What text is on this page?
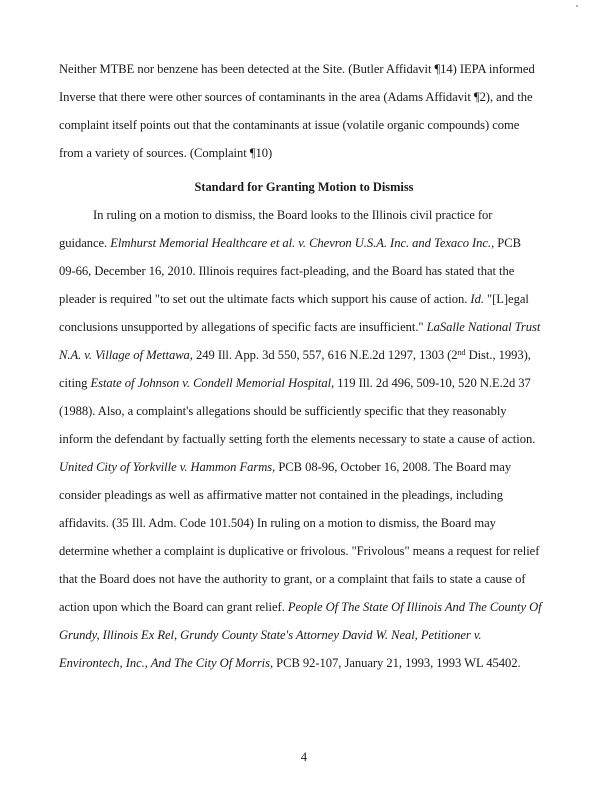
Neither MTBE nor benzene has been detected at the Site. (Butler Affidavit ¶14) IEPA informed
Inverse that there were other sources of contaminants in the area (Adams Affidavit ¶2), and the
complaint itself points out that the contaminants at issue (volatile organic compounds) come
from a variety of sources. (Complaint ¶10)
Standard for Granting Motion to Dismiss
In ruling on a motion to dismiss, the Board looks to the Illinois civil practice for
guidance. Elmhurst Memorial Healthcare et al. v. Chevron U.S.A. Inc. and Texaco Inc., PCB
09-66, December 16, 2010. Illinois requires fact-pleading, and the Board has stated that the
pleader is required "to set out the ultimate facts which support his cause of action. Id. "[L]egal
conclusions unsupported by allegations of specific facts are insufficient." LaSalle National Trust
N.A. v. Village of Mettawa, 249 Ill. App. 3d 550, 557, 616 N.E.2d 1297, 1303 (2nd Dist., 1993),
citing Estate of Johnson v. Condell Memorial Hospital, 119 Ill. 2d 496, 509-10, 520 N.E.2d 37
(1988). Also, a complaint's allegations should be sufficiently specific that they reasonably
inform the defendant by factually setting forth the elements necessary to state a cause of action.
United City of Yorkville v. Hammon Farms, PCB 08-96, October 16, 2008. The Board may
consider pleadings as well as affirmative matter not contained in the pleadings, including
affidavits. (35 Ill. Adm. Code 101.504) In ruling on a motion to dismiss, the Board may
determine whether a complaint is duplicative or frivolous. "Frivolous" means a request for relief
that the Board does not have the authority to grant, or a complaint that fails to state a cause of
action upon which the Board can grant relief. People Of The State Of Illinois And The County Of
Grundy, Illinois Ex Rel, Grundy County State's Attorney David W. Neal, Petitioner v.
Environtech, Inc., And The City Of Morris, PCB 92-107, January 21, 1993, 1993 WL 45402.
4
